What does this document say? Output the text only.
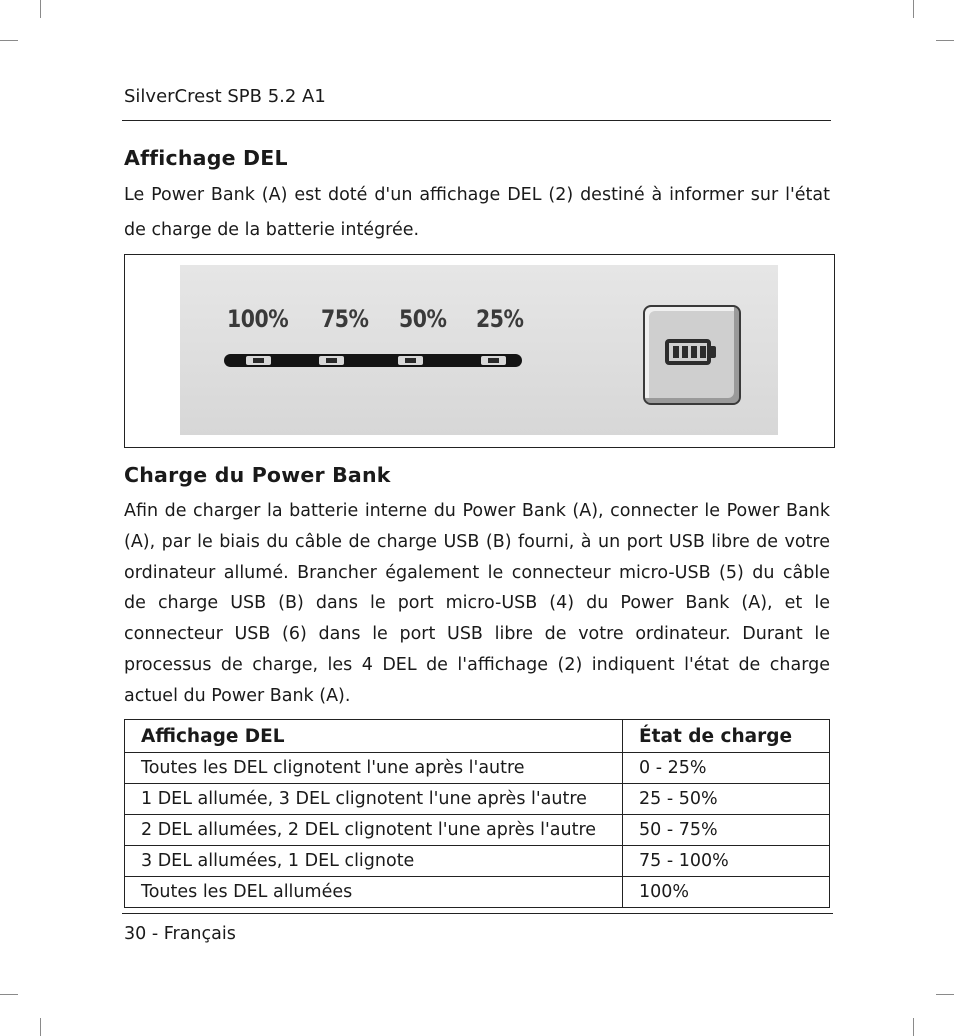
SilverCrest SPB 5.2 A1
Affichage DEL

Le Power Bank (A) est doté d'un affichage DEL (2) destiné à informer sur l'état de charge de la batterie intégrée.

100% 75% 50% 25%
Charge du Power Bank

Afin de charger la batterie interne du Power Bank (A), connecter le Power Bank (A), par le biais du câble de charge USB (B) fourni, à un port USB libre de votre ordinateur allumé. Brancher également le connecteur micro-USB (5) du câble de charge USB (B) dans le port micro-USB (4) du Power Bank (A), et le connecteur USB (6) dans le port USB libre de votre ordinateur. Durant le processus de charge, les 4 DEL de l'affichage (2) indiquent l'état de charge actuel du Power Bank (A).

Affichage DEL	État de charge
Toutes les DEL clignotent l'une après l'autre	0 - 25%
1 DEL allumée, 3 DEL clignotent l'une après l'autre	25 - 50%
2 DEL allumées, 2 DEL clignotent l'une après l'autre	50 - 75%
3 DEL allumées, 1 DEL clignote	75 - 100%
Toutes les DEL allumées	100%
30 - Français
